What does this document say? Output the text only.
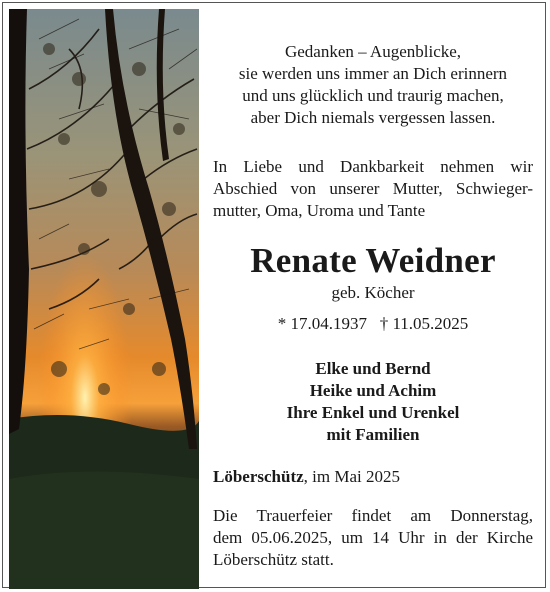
Gedanken – Augenblicke,
sie werden uns immer an Dich erinnern
und uns glücklich und traurig machen,
aber Dich niemals vergessen lassen.
In Liebe und Dankbarkeit nehmen wir
Abschied von unserer Mutter, Schwieger-
mutter, Oma, Uroma und Tante
Renate Weidner
geb. Köcher
* 17.04.1937   † 11.05.2025
Elke und Bernd
Heike und Achim
Ihre Enkel und Urenkel
mit Familien
Löberschütz, im Mai 2025
Die Trauerfeier findet am Donnerstag,
dem 05.06.2025, um 14 Uhr in der Kirche
Löberschütz statt.
